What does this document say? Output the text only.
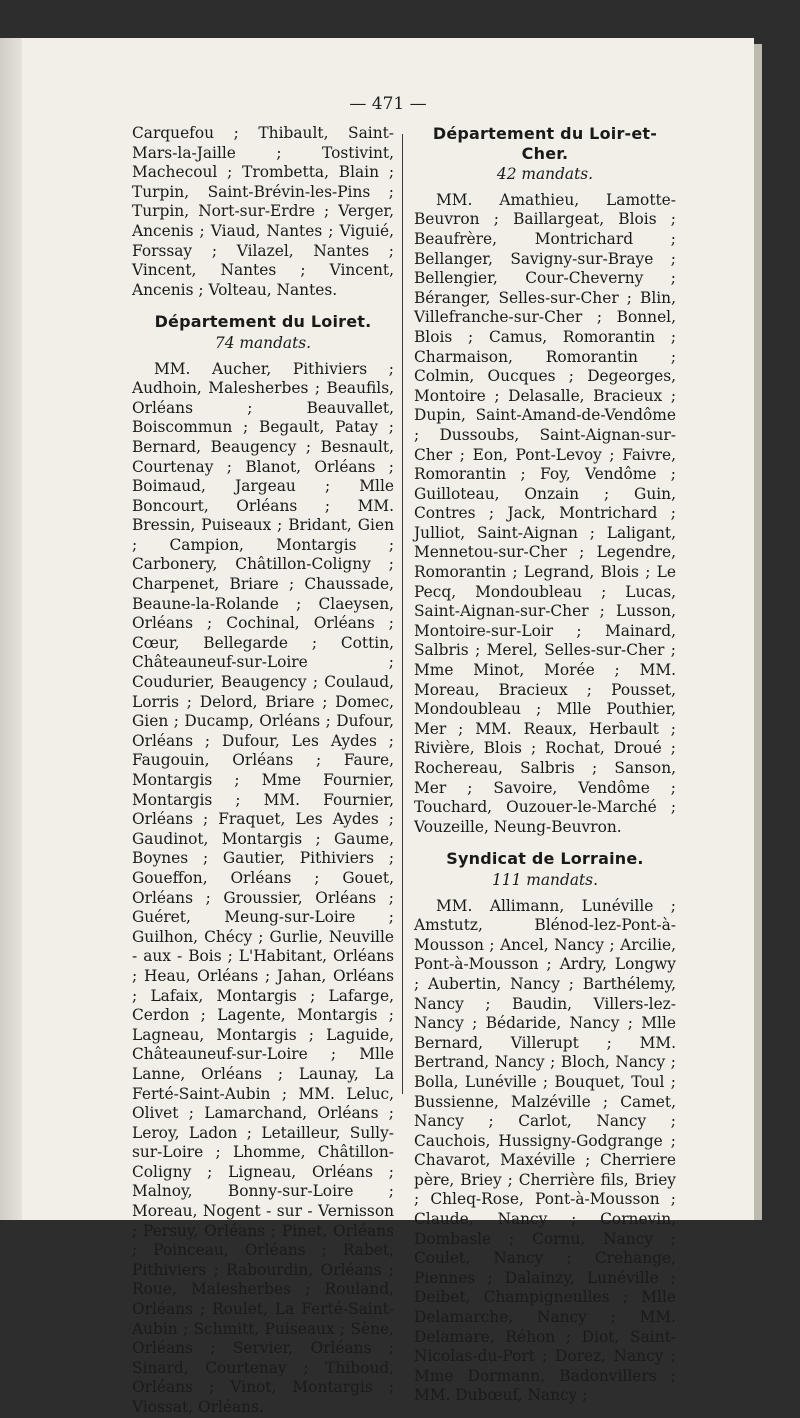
— 471 —

Carquefou ; Thibault, Saint-Mars-la-Jaille ; Tostivint, Machecoul ; Trombetta, Blain ; Turpin, Saint-Brévin-les-Pins ; Turpin, Nort-sur-Erdre ; Verger, Ancenis ; Viaud, Nantes ; Viguié, Forssay ; Vilazel, Nantes ; Vincent, Nantes ; Vincent, Ancenis ; Volteau, Nantes.

Département du Loiret.

74 mandats.

MM. Aucher, Pithiviers ; Audhoin, Malesherbes ; Beaufils, Orléans ; Beauvallet, Boiscommun ; Begault, Patay ; Bernard, Beaugency ; Besnault, Courtenay ; Blanot, Orléans ; Boimaud, Jargeau ; Mlle Boncourt, Orléans ; MM. Bressin, Puiseaux ; Bridant, Gien ; Campion, Montargis ; Carbonery, Châtillon-Coligny ; Charpenet, Briare ; Chaussade, Beaune-la-Rolande ; Claeysen, Orléans ; Cochinal, Orléans ; Cœur, Bellegarde ; Cottin, Châteauneuf-sur-Loire ; Coudurier, Beaugency ; Coulaud, Lorris ; Delord, Briare ; Domec, Gien ; Ducamp, Orléans ; Dufour, Orléans ; Dufour, Les Aydes ; Faugouin, Orléans ; Faure, Montargis ; Mme Fournier, Montargis ; MM. Fournier, Orléans ; Fraquet, Les Aydes ; Gaudinot, Montargis ; Gaume, Boynes ; Gautier, Pithiviers ; Goueffon, Orléans ; Gouet, Orléans ; Groussier, Orléans ; Guéret, Meung-sur-Loire ; Guilhon, Chécy ; Gurlie, Neuville - aux - Bois ; L'Habitant, Orléans ; Heau, Orléans ; Jahan, Orléans ; Lafaix, Montargis ; Lafarge, Cerdon ; Lagente, Montargis ; Lagneau, Montargis ; Laguide, Châteauneuf-sur-Loire ; Mlle Lanne, Orléans ; Launay, La Ferté-Saint-Aubin ; MM. Leluc, Olivet ; Lamarchand, Orléans ; Leroy, Ladon ; Letailleur, Sully-sur-Loire ; Lhomme, Châtillon-Coligny ; Ligneau, Orléans ; Malnoy, Bonny-sur-Loire ; Moreau, Nogent - sur - Vernisson ; Persuy, Orléans ; Pinet, Orléans ; Poinceau, Orléans ; Rabet, Pithiviers ; Rabourdin, Orléans ; Roue, Malesherbes ; Rouland, Orléans ; Roulet, La Ferté-Saint-Aubin ; Schmitt, Puiseaux ; Sène, Orléans ; Servier, Orléans ; Sinard, Courtenay ; Thiboud, Orléans ; Vinot, Montargis ; Viossat, Orléans.

Département du Loir-et-Cher.

42 mandats.

MM. Amathieu, Lamotte-Beuvron ; Baillargeat, Blois ; Beaufrère, Montrichard ; Bellanger, Savigny-sur-Braye ; Bellengier, Cour-Cheverny ; Béranger, Selles-sur-Cher ; Blin, Villefranche-sur-Cher ; Bonnel, Blois ; Camus, Romorantin ; Charmaison, Romorantin ; Colmin, Oucques ; Degeorges, Montoire ; Delasalle, Bracieux ; Dupin, Saint-Amand-de-Vendôme ; Dussoubs, Saint-Aignan-sur-Cher ; Eon, Pont-Levoy ; Faivre, Romorantin ; Foy, Vendôme ; Guilloteau, Onzain ; Guin, Contres ; Jack, Montrichard ; Julliot, Saint-Aignan ; Laligant, Mennetou-sur-Cher ; Legendre, Romorantin ; Legrand, Blois ; Le Pecq, Mondoubleau ; Lucas, Saint-Aignan-sur-Cher ; Lusson, Montoire-sur-Loir ; Mainard, Salbris ; Merel, Selles-sur-Cher ; Mme Minot, Morée ; MM. Moreau, Bracieux ; Pousset, Mondoubleau ; Mlle Pouthier, Mer ; MM. Reaux, Herbault ; Rivière, Blois ; Rochat, Droué ; Rochereau, Salbris ; Sanson, Mer ; Savoire, Vendôme ; Touchard, Ouzouer-le-Marché ; Vouzeille, Neung-Beuvron.

Syndicat de Lorraine.

111 mandats.

MM. Allimann, Lunéville ; Amstutz, Blénod-lez-Pont-à-Mousson ; Ancel, Nancy ; Arcilie, Pont-à-Mousson ; Ardry, Longwy ; Aubertin, Nancy ; Barthélemy, Nancy ; Baudin, Villers-lez-Nancy ; Bédaride, Nancy ; Mlle Bernard, Villerupt ; MM. Bertrand, Nancy ; Bloch, Nancy ; Bolla, Lunéville ; Bouquet, Toul ; Bussienne, Malzéville ; Camet, Nancy ; Carlot, Nancy ; Cauchois, Hussigny-Godgrange ; Chavarot, Maxéville ; Cherriere père, Briey ; Cherrière fils, Briey ; Chleq-Rose, Pont-à-Mousson ; Claude, Nancy ; Cornevin, Dombasle ; Cornu, Nancy ; Coulet, Nancy ; Crehange, Piennes ; Dalainzy, Lunéville ; Deibet, Champigneulles ; Mlle Delamarche, Nancy ; MM. Delamare, Réhon ; Diot, Saint-Nicolas-du-Port ; Dorez, Nancy ; Mme Dormann, Badonvillers ; MM. Dubœuf, Nancy ;
